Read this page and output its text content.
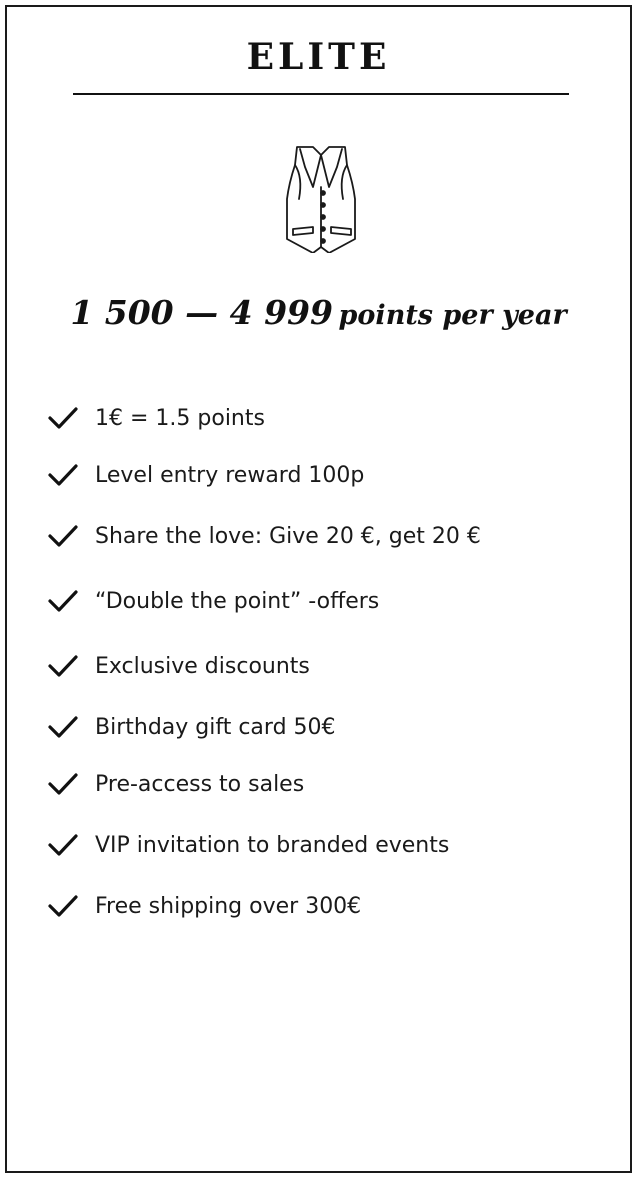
ELITE
1 500 — 4 999 points per year
1€ = 1.5 points
Level entry reward 100p
Share the love: Give 20 €, get 20 €
“Double the point” -offers
Exclusive discounts
Birthday gift card 50€
Pre-access to sales
VIP invitation to branded events
Free shipping over 300€
